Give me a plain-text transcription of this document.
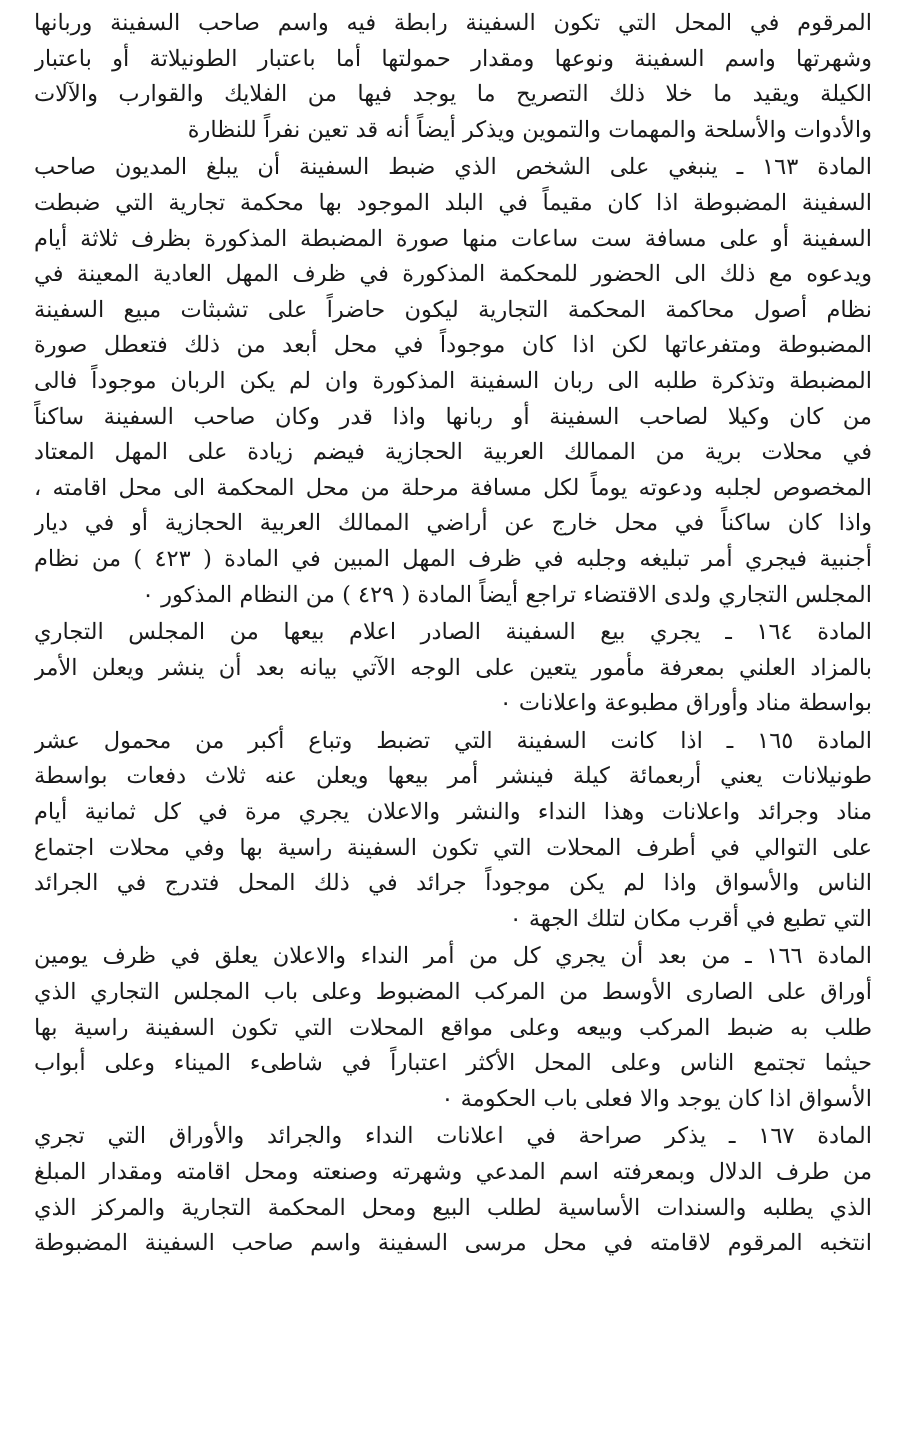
المرقوم في المحل التي تكون السفينة رابطة فيه واسم صاحب السفينة وربانها
وشهرتها واسم السفينة ونوعها ومقدار حمولتها أما باعتبار الطونيلاتة أو باعتبار
الكيلة ويقيد ما خلا ذلك التصريح ما يوجد فيها من الفلايك والقوارب والآلات
والأدوات والأسلحة والمهمات والتموين ويذكر أيضاً أنه قد تعين نفراً للنظارة
المادة ١٦٣ ـ ينبغي على الشخص الذي ضبط السفينة أن يبلغ المديون صاحب
السفينة المضبوطة اذا كان مقيماً في البلد الموجود بها محكمة تجارية التي ضبطت
السفينة أو على مسافة ست ساعات منها صورة المضبطة المذكورة بظرف ثلاثة أيام
ويدعوه مع ذلك الى الحضور للمحكمة المذكورة في ظرف المهل العادية المعينة في
نظام أصول محاكمة المحكمة التجارية ليكون حاضراً على تشبثات مبيع السفينة
المضبوطة ومتفرعاتها لكن اذا كان موجوداً في محل أبعد من ذلك فتعطل صورة
المضبطة وتذكرة طلبه الى ربان السفينة المذكورة وان لم يكن الربان موجوداً فالى
من كان وكيلا لصاحب السفينة أو ربانها واذا قدر وكان صاحب السفينة ساكناً
في محلات برية من الممالك العربية الحجازية فيضم زيادة على المهل المعتاد
المخصوص لجلبه ودعوته يوماً لكل مسافة مرحلة من محل المحكمة الى محل اقامته ،
واذا كان ساكناً في محل خارج عن أراضي الممالك العربية الحجازية أو في ديار
أجنبية فيجري أمر تبليغه وجلبه في ظرف المهل المبين في المادة ( ٤٢٣ ) من نظام
المجلس التجاري ولدى الاقتضاء تراجع أيضاً المادة ( ٤٢٩ ) من النظام المذكور ٠
المادة ١٦٤ ـ يجري بيع السفينة الصادر اعلام بيعها من المجلس التجاري
بالمزاد العلني بمعرفة مأمور يتعين على الوجه الآتي بيانه بعد أن ينشر ويعلن الأمر
بواسطة مناد وأوراق مطبوعة واعلانات ٠
المادة ١٦٥ ـ اذا كانت السفينة التي تضبط وتباع أكبر من محمول عشر
طونيلانات يعني أربعمائة كيلة فينشر أمر بيعها ويعلن عنه ثلاث دفعات بواسطة
مناد وجرائد واعلانات وهذا النداء والنشر والاعلان يجري مرة في كل ثمانية أيام
على التوالي في أطرف المحلات التي تكون السفينة راسية بها وفي محلات اجتماع
الناس والأسواق واذا لم يكن موجوداً جرائد في ذلك المحل فتدرج في الجرائد
التي تطبع في أقرب مكان لتلك الجهة ٠
المادة ١٦٦ ـ من بعد أن يجري كل من أمر النداء والاعلان يعلق في ظرف يومين
أوراق على الصارى الأوسط من المركب المضبوط وعلى باب المجلس التجاري الذي
طلب به ضبط المركب وبيعه وعلى مواقع المحلات التي تكون السفينة راسية بها
حيثما تجتمع الناس وعلى المحل الأكثر اعتباراً في شاطىء الميناء وعلى أبواب
الأسواق اذا كان يوجد والا فعلى باب الحكومة ٠
المادة ١٦٧ ـ يذكر صراحة في اعلانات النداء والجرائد والأوراق التي تجري
من طرف الدلال وبمعرفته اسم المدعي وشهرته وصنعته ومحل اقامته ومقدار المبلغ
الذي يطلبه والسندات الأساسية لطلب البيع ومحل المحكمة التجارية والمركز الذي
انتخبه المرقوم لاقامته في محل مرسى السفينة واسم صاحب السفينة المضبوطة
